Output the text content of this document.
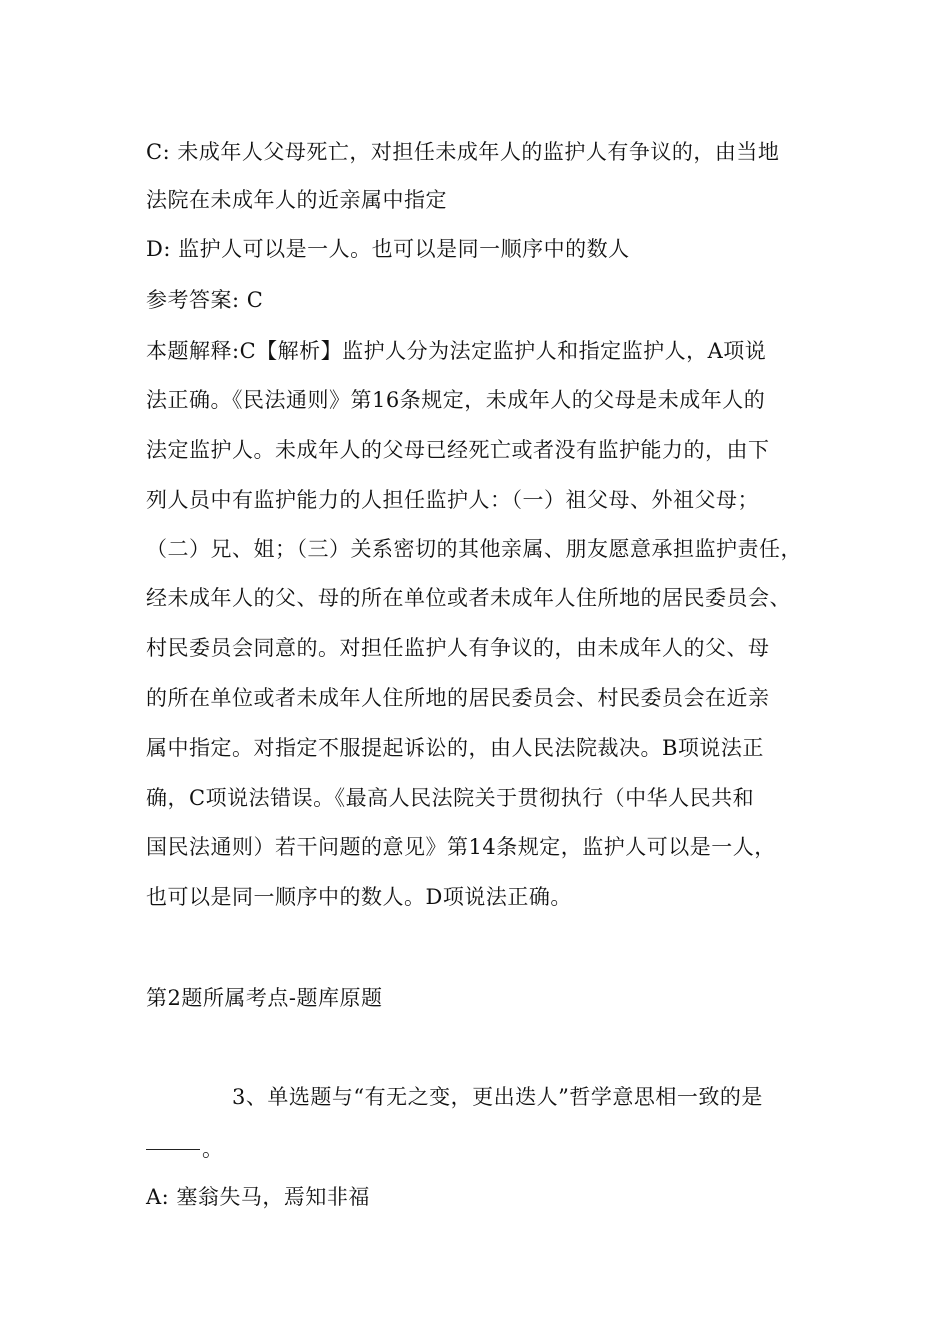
C: 未成年人父母死亡，对担任未成年人的监护人有争议的，由当地
法院在未成年人的近亲属中指定
D: 监护人可以是一人。也可以是同一顺序中的数人
参考答案: C
本题解释:C【解析】监护人分为法定监护人和指定监护人，A项说
法正确。《民法通则》第16条规定，未成年人的父母是未成年人的
法定监护人。未成年人的父母已经死亡或者没有监护能力的，由下
列人员中有监护能力的人担任监护人：（一）祖父母、外祖父母；
（二）兄、姐；（三）关系密切的其他亲属、朋友愿意承担监护责任，
经未成年人的父、母的所在单位或者未成年人住所地的居民委员会、
村民委员会同意的。对担任监护人有争议的，由未成年人的父、母
的所在单位或者未成年人住所地的居民委员会、村民委员会在近亲
属中指定。对指定不服提起诉讼的，由人民法院裁决。B项说法正
确，C项说法错误。《最高人民法院关于贯彻执行（中华人民共和
国民法通则）若干问题的意见》第14条规定，监护人可以是一人，
也可以是同一顺序中的数人。D项说法正确。
第2题所属考点-题库原题
3、单选题与“有无之变，更出迭人”哲学意思相一致的是
。
A: 塞翁失马，焉知非福
